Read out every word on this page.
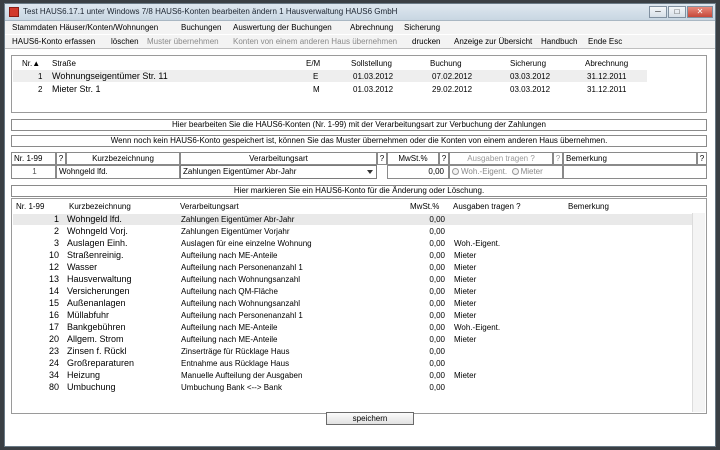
Test HAUS6.17.1 unter Windows 7/8 HAUS6-Konten bearbeiten ändern 1 Hausverwaltung HAUS6 GmbH	─	□	✕
Stammdaten Häuser/Konten/Wohnungen	Buchungen Auswertung der Buchungen Abrechnung Sicherung
HAUS6-Konto erfassen löschen Muster übernehmen Konten von einem anderen Haus übernehmen drucken Anzeige zur Übersicht Handbuch Ende Esc
Nr.▲ Straße	E/M	Sollstellung	Buchung	Sicherung	Abrechnung
1 Wohnungseigentümer Str. 11	E	01.03.2012	07.02.2012	03.03.2012	31.12.2011
2 Mieter Str. 1	M	01.03.2012	29.02.2012	03.03.2012	31.12.2011
Hier bearbeiten Sie die HAUS6-Konten (Nr. 1-99) mit der Verarbeitungsart zur Verbuchung der Zahlungen
Wenn noch kein HAUS6-Konto gespeichert ist, können Sie das Muster übernehmen oder die Konten von einem anderen Haus übernehmen.
Nr. 1-99	?	Kurzbezeichnung	Verarbeitungsart	?	MwSt.%	?	Ausgaben tragen ?	? Bemerkung	?
1	Wohngeld lfd.	Zahlungen Eigentümer Abr-Jahr	0,00	Woh.-Eigent. Mieter
Hier markieren Sie ein HAUS6-Konto für die Änderung oder Löschung.
Nr. 1-99	Kurzbezeichnung	Verarbeitungsart	MwSt.% Ausgaben tragen ?	Bemerkung
1 Wohngeld lfd.	Zahlungen Eigentümer Abr-Jahr	0,00
2 Wohngeld Vorj.	Zahlungen Eigentümer Vorjahr	0,00
3 Auslagen Einh.	Auslagen für eine einzelne Wohnung	0,00 Woh.-Eigent.
10 Straßenreinig.	Aufteilung nach ME-Anteile	0,00 Mieter
12 Wasser	Aufteilung nach Personenanzahl 1	0,00 Mieter
13 Hausverwaltung	Aufteilung nach Wohnungsanzahl	0,00 Mieter
14 Versicherungen	Aufteilung nach QM-Fläche	0,00 Mieter
15 Außenanlagen	Aufteilung nach Wohnungsanzahl	0,00 Mieter
16 Müllabfuhr	Aufteilung nach Personenanzahl 1	0,00 Mieter
17 Bankgebühren	Aufteilung nach ME-Anteile	0,00 Woh.-Eigent.
20 Allgem. Strom	Aufteilung nach ME-Anteile	0,00 Mieter
23 Zinsen f. Rückl	Zinserträge für Rücklage Haus	0,00
24 Großreparaturen	Entnahme aus Rücklage Haus	0,00
34 Heizung	Manuelle Aufteilung der Ausgaben	0,00 Mieter
80 Umbuchung	Umbuchung Bank <--> Bank	0,00
speichern
